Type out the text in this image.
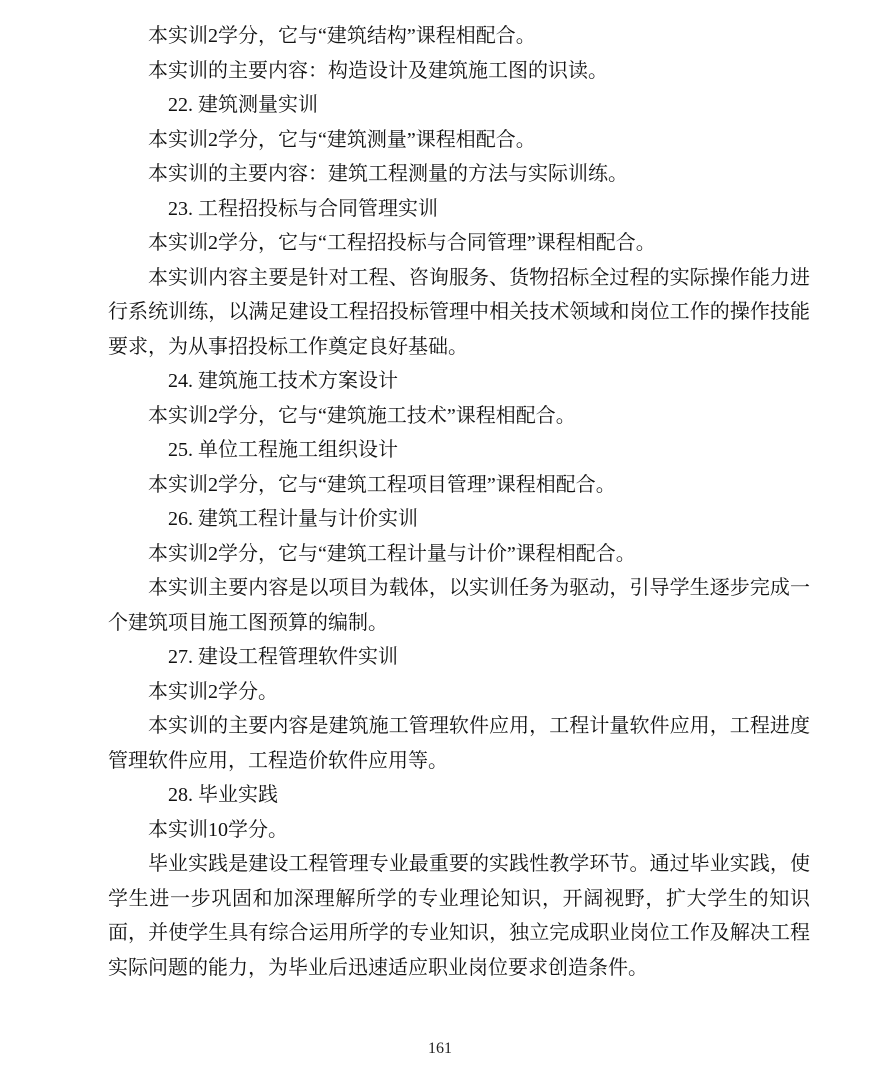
本实训2学分，它与“建筑结构”课程相配合。

本实训的主要内容：构造设计及建筑施工图的识读。

22. 建筑测量实训

本实训2学分，它与“建筑测量”课程相配合。

本实训的主要内容：建筑工程测量的方法与实际训练。

23. 工程招投标与合同管理实训

本实训2学分，它与“工程招投标与合同管理”课程相配合。

本实训内容主要是针对工程、咨询服务、货物招标全过程的实际操作能力进行系统训练，以满足建设工程招投标管理中相关技术领域和岗位工作的操作技能要求，为从事招投标工作奠定良好基础。

24. 建筑施工技术方案设计

本实训2学分，它与“建筑施工技术”课程相配合。

25. 单位工程施工组织设计

本实训2学分，它与“建筑工程项目管理”课程相配合。

26. 建筑工程计量与计价实训

本实训2学分，它与“建筑工程计量与计价”课程相配合。

本实训主要内容是以项目为载体，以实训任务为驱动，引导学生逐步完成一个建筑项目施工图预算的编制。

27. 建设工程管理软件实训

本实训2学分。

本实训的主要内容是建筑施工管理软件应用，工程计量软件应用，工程进度管理软件应用，工程造价软件应用等。

28. 毕业实践

本实训10学分。

毕业实践是建设工程管理专业最重要的实践性教学环节。通过毕业实践，使学生进一步巩固和加深理解所学的专业理论知识，开阔视野，扩大学生的知识面，并使学生具有综合运用所学的专业知识，独立完成职业岗位工作及解决工程实际问题的能力，为毕业后迅速适应职业岗位要求创造条件。

161
